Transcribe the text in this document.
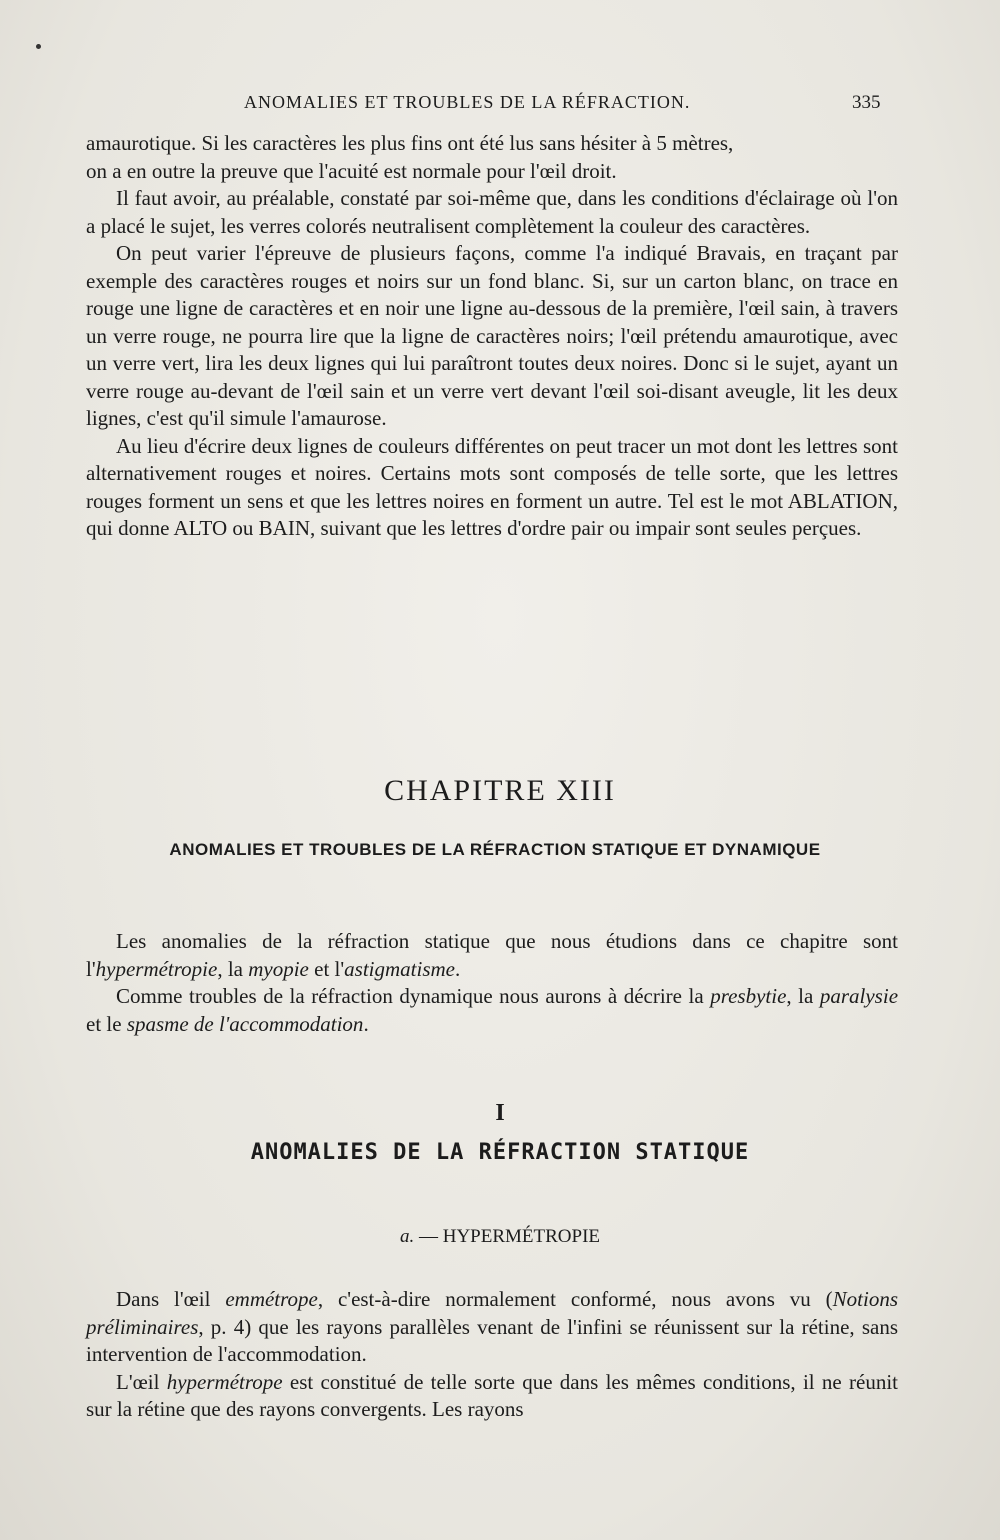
ANOMALIES ET TROUBLES DE LA RÉFRACTION.	335

amaurotique. Si les caractères les plus fins ont été lus sans hésiter à 5 mètres,
on a en outre la preuve que l'acuité est normale pour l'œil droit.

Il faut avoir, au préalable, constaté par soi-même que, dans les conditions d'éclairage où l'on a placé le sujet, les verres colorés neutralisent complètement la couleur des caractères.

On peut varier l'épreuve de plusieurs façons, comme l'a indiqué Bravais, en traçant par exemple des caractères rouges et noirs sur un fond blanc. Si, sur un carton blanc, on trace en rouge une ligne de caractères et en noir une ligne au-dessous de la première, l'œil sain, à travers un verre rouge, ne pourra lire que la ligne de caractères noirs; l'œil prétendu amaurotique, avec un verre vert, lira les deux lignes qui lui paraîtront toutes deux noires. Donc si le sujet, ayant un verre rouge au-devant de l'œil sain et un verre vert devant l'œil soi-disant aveugle, lit les deux lignes, c'est qu'il simule l'amaurose.

Au lieu d'écrire deux lignes de couleurs différentes on peut tracer un mot dont les lettres sont alternativement rouges et noires. Certains mots sont composés de telle sorte, que les lettres rouges forment un sens et que les lettres noires en forment un autre. Tel est le mot ABLATION, qui donne ALTO ou BAIN, suivant que les lettres d'ordre pair ou impair sont seules perçues.

CHAPITRE XIII
ANOMALIES ET TROUBLES DE LA RÉFRACTION STATIQUE ET DYNAMIQUE

Les anomalies de la réfraction statique que nous étudions dans ce chapitre sont l'hypermétropie, la myopie et l'astigmatisme.

Comme troubles de la réfraction dynamique nous aurons à décrire la presbytie, la paralysie et le spasme de l'accommodation.

I
ANOMALIES DE LA RÉFRACTION STATIQUE
a. — HYPERMÉTROPIE

Dans l'œil emmétrope, c'est-à-dire normalement conformé, nous avons vu (Notions préliminaires, p. 4) que les rayons parallèles venant de l'infini se réunissent sur la rétine, sans intervention de l'accommodation.

L'œil hypermétrope est constitué de telle sorte que dans les mêmes conditions, il ne réunit sur la rétine que des rayons convergents. Les rayons
